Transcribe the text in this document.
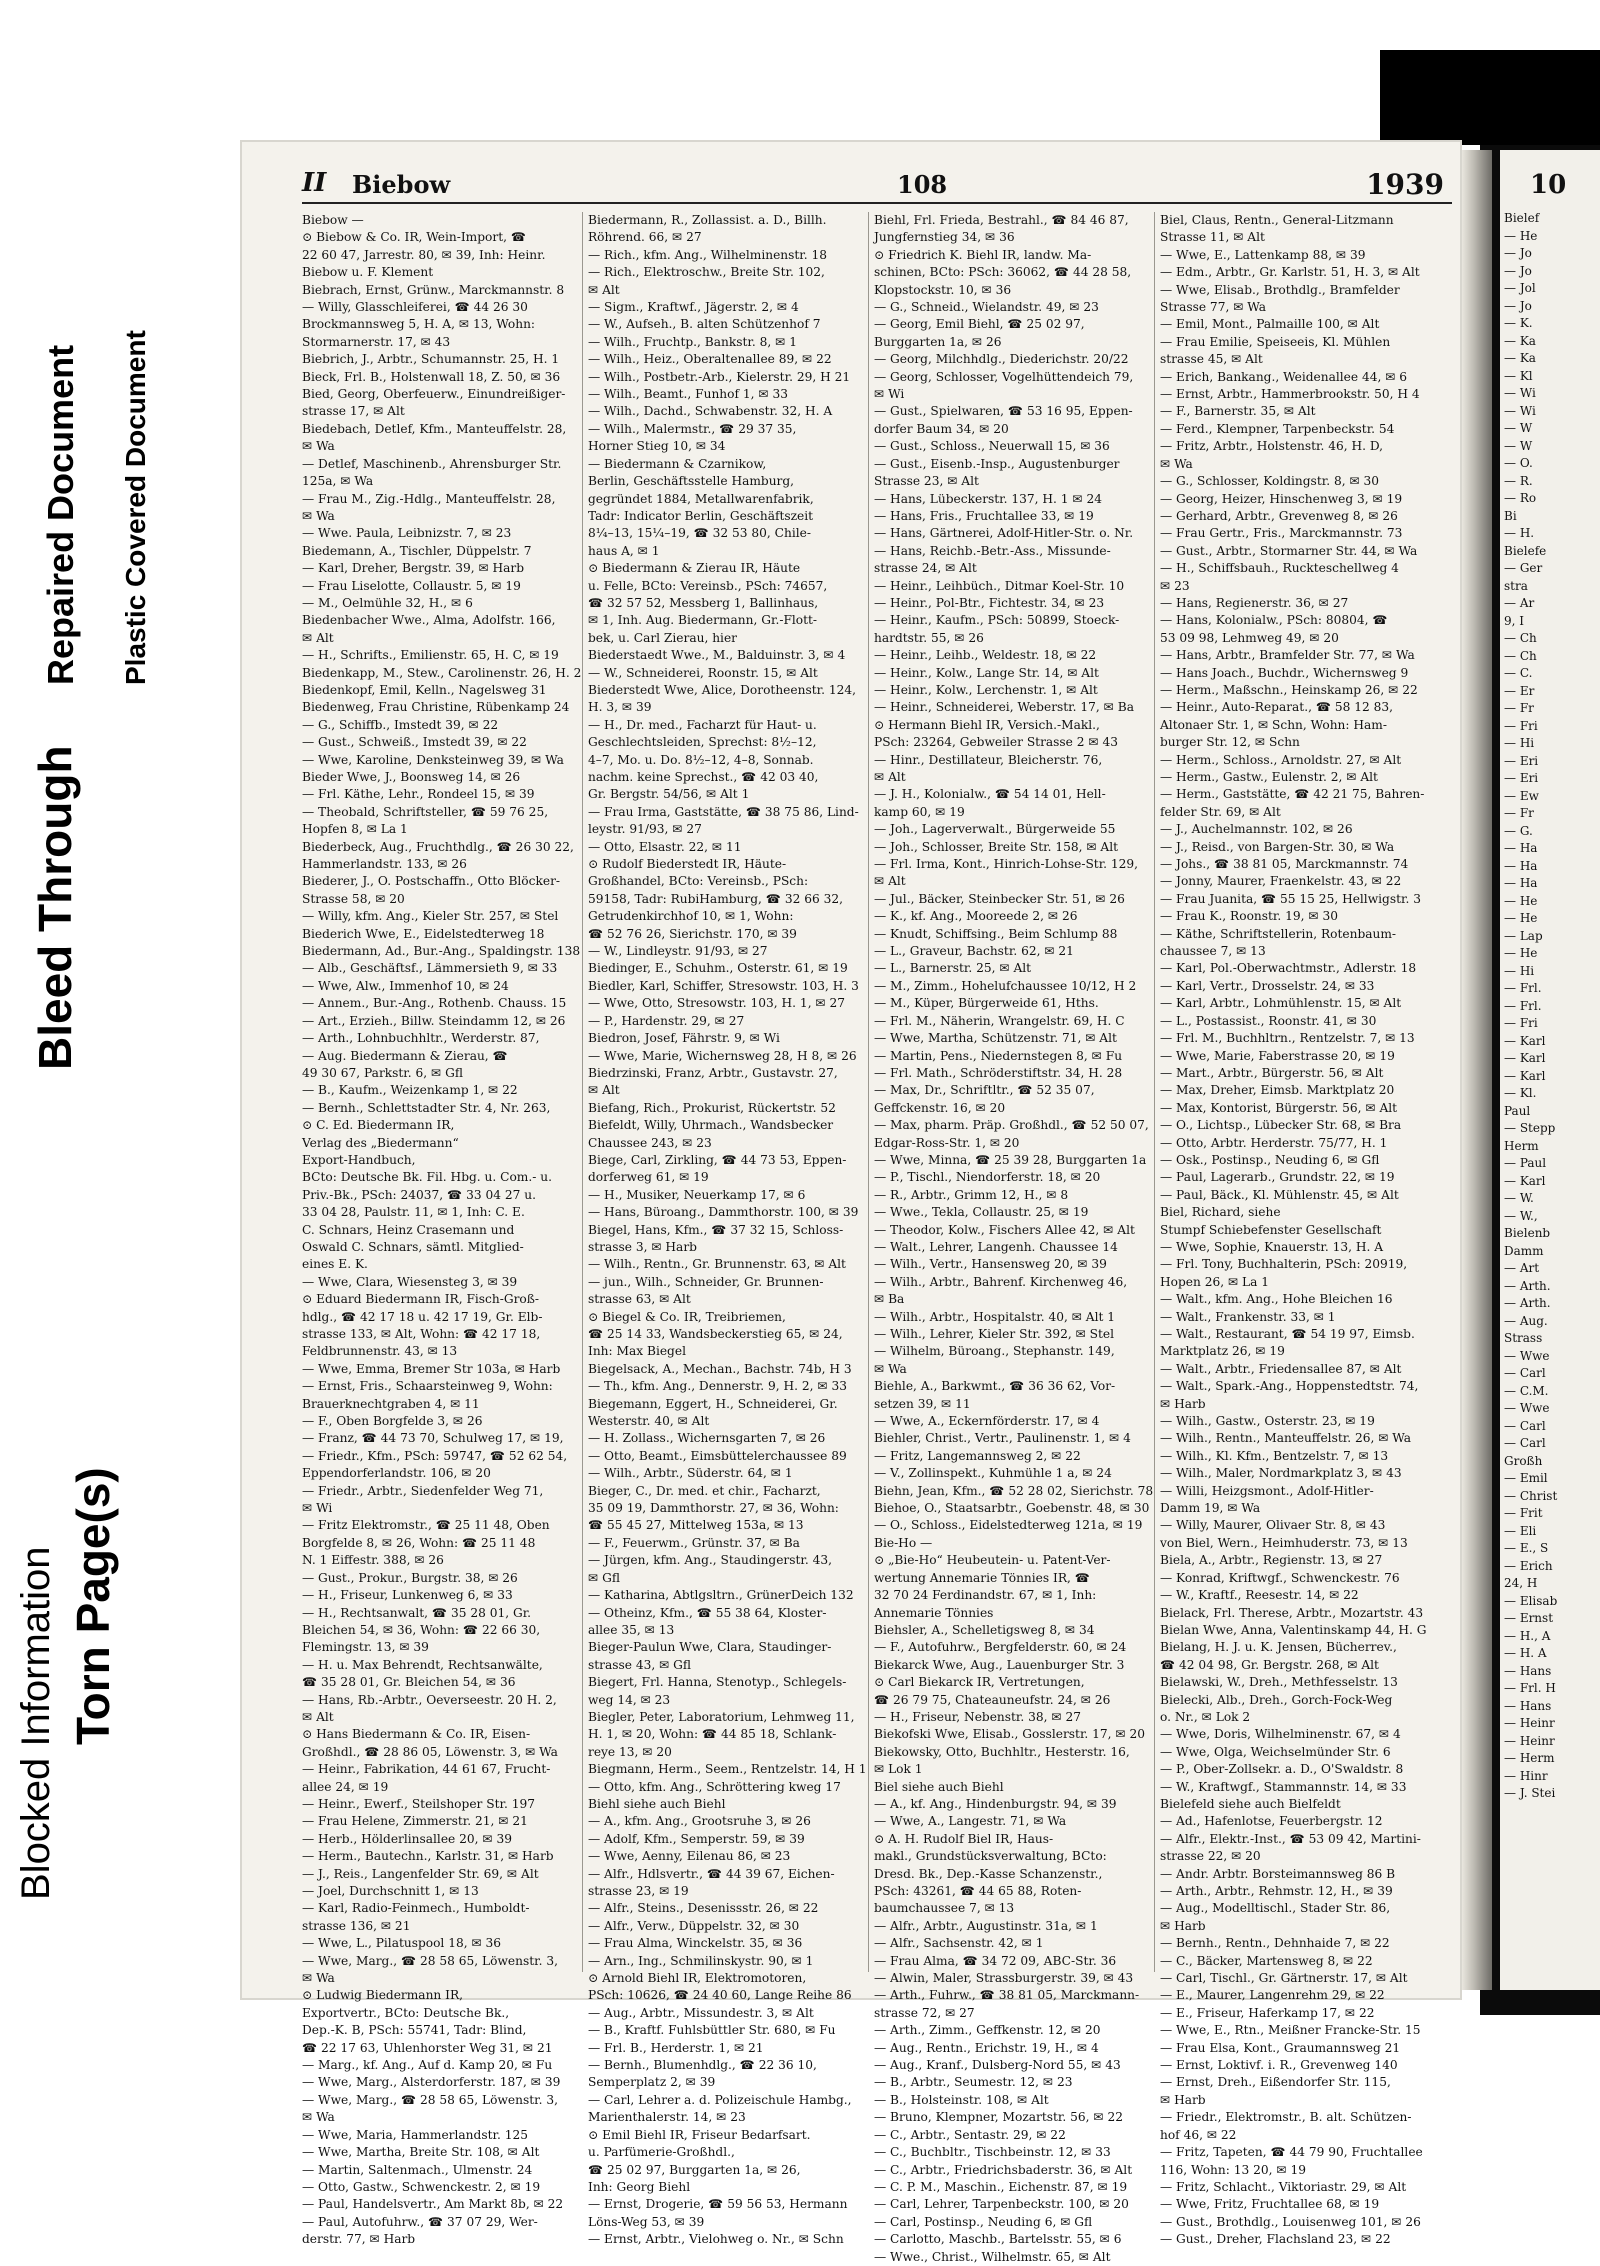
Blocked Information Torn Page(s)
Bleed Through
Repaired Document Plastic Covered Document
II Biebow	108	1939
Biebow —
⊙ Biebow & Co. IR, Wein-Import, ☎
22 60 47, Jarrestr. 80, ✉ 39, Inh: Heinr.
Biebow u. F. Klement
Biebrach, Ernst, Grünw., Marckmannstr. 8
— Willy, Glasschleiferei, ☎ 44 26 30
Brockmannsweg 5, H. A, ✉ 13, Wohn:
Stormarnerstr. 17, ✉ 43
Biebrich, J., Arbtr., Schumannstr. 25, H. 1
Bieck, Frl. B., Holstenwall 18, Z. 50, ✉ 36
Bied, Georg, Oberfeuerw., Einundreißiger-
strasse 17, ✉ Alt
Biedebach, Detlef, Kfm., Manteuffelstr. 28,
✉ Wa
— Detlef, Maschinenb., Ahrensburger Str.
125a, ✉ Wa
— Frau M., Zig.-Hdlg., Manteuffelstr. 28,
✉ Wa
— Wwe. Paula, Leibnizstr. 7, ✉ 23
Biedemann, A., Tischler, Düppelstr. 7
— Karl, Dreher, Bergstr. 39, ✉ Harb
— Frau Liselotte, Collaustr. 5, ✉ 19
— M., Oelmühle 32, H., ✉ 6
Biedenbacher Wwe., Alma, Adolfstr. 166,
✉ Alt
— H., Schrifts., Emilienstr. 65, H. C, ✉ 19
Biedenkapp, M., Stew., Carolinenstr. 26, H. 2
Biedenkopf, Emil, Kelln., Nagelsweg 31
Biedenweg, Frau Christine, Rübenkamp 24
— G., Schiffb., Imstedt 39, ✉ 22
— Gust., Schweiß., Imstedt 39, ✉ 22
— Wwe, Karoline, Denksteinweg 39, ✉ Wa
Bieder Wwe, J., Boonsweg 14, ✉ 26
— Frl. Käthe, Lehr., Rondeel 15, ✉ 39
— Theobald, Schriftsteller, ☎ 59 76 25,
Hopfen 8, ✉ La 1
Biederbeck, Aug., Fruchthdlg., ☎ 26 30 22,
Hammerlandstr. 133, ✉ 26
Biederer, J., O. Postschaffn., Otto Blöcker-
Strasse 58, ✉ 20
— Willy, kfm. Ang., Kieler Str. 257, ✉ Stel
Biederich Wwe, E., Eidelstedterweg 18
Biedermann, Ad., Bur.-Ang., Spaldingstr. 138
— Alb., Geschäftsf., Lämmersieth 9, ✉ 33
— Wwe, Alw., Immenhof 10, ✉ 24
— Annem., Bur.-Ang., Rothenb. Chauss. 15
— Art., Erzieh., Billw. Steindamm 12, ✉ 26
— Arth., Lohnbuchhltr., Werderstr. 87,
— Aug. Biedermann & Zierau, ☎
49 30 67, Parkstr. 6, ✉ Gfl
— B., Kaufm., Weizenkamp 1, ✉ 22
— Bernh., Schlettstadter Str. 4, Nr. 263,
⊙ C. Ed. Biedermann IR,
Verlag des „Biedermann“
Export-Handbuch,
BCto: Deutsche Bk. Fil. Hbg. u. Com.- u.
Priv.-Bk., PSch: 24037, ☎ 33 04 27 u.
33 04 28, Paulstr. 11, ✉ 1, Inh: C. E.
C. Schnars, Heinz Crasemann und
Oswald C. Schnars, sämtl. Mitglied-
eines E. K.
— Wwe, Clara, Wiesensteg 3, ✉ 39
⊙ Eduard Biedermann IR, Fisch-Groß-
hdlg., ☎ 42 17 18 u. 42 17 19, Gr. Elb-
strasse 133, ✉ Alt, Wohn: ☎ 42 17 18,
Feldbrunnenstr. 43, ✉ 13
— Wwe, Emma, Bremer Str 103a, ✉ Harb
— Ernst, Fris., Schaarsteinweg 9, Wohn:
Brauerknechtgraben 4, ✉ 11
— F., Oben Borgfelde 3, ✉ 26
— Franz, ☎ 44 73 70, Schulweg 17, ✉ 19,
— Friedr., Kfm., PSch: 59747, ☎ 52 62 54,
Eppendorferlandstr. 106, ✉ 20
— Friedr., Arbtr., Siedenfelder Weg 71,
✉ Wi
— Fritz Elektromstr., ☎ 25 11 48, Oben
Borgfelde 8, ✉ 26, Wohn: ☎ 25 11 48
N. 1 Eiffestr. 388, ✉ 26
— Gust., Prokur., Burgstr. 38, ✉ 26
— H., Friseur, Lunkenweg 6, ✉ 33
— H., Rechtsanwalt, ☎ 35 28 01, Gr.
Bleichen 54, ✉ 36, Wohn: ☎ 22 66 30,
Flemingstr. 13, ✉ 39
— H. u. Max Behrendt, Rechtsanwälte,
☎ 35 28 01, Gr. Bleichen 54, ✉ 36
— Hans, Rb.-Arbtr., Oeverseestr. 20 H. 2,
✉ Alt
⊙ Hans Biedermann & Co. IR, Eisen-
Großhdl., ☎ 28 86 05, Löwenstr. 3, ✉ Wa
— Heinr., Fabrikation, 44 61 67, Frucht-
allee 24, ✉ 19
— Heinr., Ewerf., Steilshoper Str. 197
— Frau Helene, Zimmerstr. 21, ✉ 21
— Herb., Hölderlinsallee 20, ✉ 39
— Herm., Bautechn., Karlstr. 31, ✉ Harb
— J., Reis., Langenfelder Str. 69, ✉ Alt
— Joel, Durchschnitt 1, ✉ 13
— Karl, Radio-Feinmech., Humboldt-
strasse 136, ✉ 21
— Wwe, L., Pilatuspool 18, ✉ 36
— Wwe, Marg., ☎ 28 58 65, Löwenstr. 3,
✉ Wa
⊙ Ludwig Biedermann IR,
Exportvertr., BCto: Deutsche Bk.,
Dep.-K. B, PSch: 55741, Tadr: Blind,
☎ 22 17 63, Uhlenhorster Weg 31, ✉ 21
— Marg., kf. Ang., Auf d. Kamp 20, ✉ Fu
— Wwe, Marg., Alsterdorferstr. 187, ✉ 39
— Wwe, Marg., ☎ 28 58 65, Löwenstr. 3,
✉ Wa
— Wwe, Maria, Hammerlandstr. 125
— Wwe, Martha, Breite Str. 108, ✉ Alt
— Martin, Saltenmach., Ulmenstr. 24
— Otto, Gastw., Schwenckestr. 2, ✉ 19
— Paul, Handelsvertr., Am Markt 8b, ✉ 22
— Paul, Autofuhrw., ☎ 37 07 29, Wer-
derstr. 77, ✉ Harb
Biedermann, R., Zollassist. a. D., Billh.
Röhrend. 66, ✉ 27
— Rich., kfm. Ang., Wilhelminenstr. 18
— Rich., Elektroschw., Breite Str. 102,
✉ Alt
— Sigm., Kraftwf., Jägerstr. 2, ✉ 4
— W., Aufseh., B. alten Schützenhof 7
— Wilh., Fruchtp., Bankstr. 8, ✉ 1
— Wilh., Heiz., Oberaltenallee 89, ✉ 22
— Wilh., Postbetr.-Arb., Kielerstr. 29, H 21
— Wilh., Beamt., Funhof 1, ✉ 33
— Wilh., Dachd., Schwabenstr. 32, H. A
— Wilh., Malermstr., ☎ 29 37 35,
Horner Stieg 10, ✉ 34
— Biedermann & Czarnikow,
Berlin, Geschäftsstelle Hamburg,
gegründet 1884, Metallwarenfabrik,
Tadr: Indicator Berlin, Geschäftszeit
8¼–13, 15¼–19, ☎ 32 53 80, Chile-
haus A, ✉ 1
⊙ Biedermann & Zierau IR, Häute
u. Felle, BCto: Vereinsb., PSch: 74657,
☎ 32 57 52, Messberg 1, Ballinhaus,
✉ 1, Inh. Aug. Biedermann, Gr.-Flott-
bek, u. Carl Zierau, hier
Biederstaedt Wwe., M., Balduinstr. 3, ✉ 4
— W., Schneiderei, Roonstr. 15, ✉ Alt
Biederstedt Wwe, Alice, Dorotheenstr. 124,
H. 3, ✉ 39
— H., Dr. med., Facharzt für Haut- u.
Geschlechtsleiden, Sprechst: 8½–12,
4–7, Mo. u. Do. 8½–12, 4–8, Sonnab.
nachm. keine Sprechst., ☎ 42 03 40,
Gr. Bergstr. 54/56, ✉ Alt 1
— Frau Irma, Gaststätte, ☎ 38 75 86, Lind-
leystr. 91/93, ✉ 27
— Otto, Elsastr. 22, ✉ 11
⊙ Rudolf Biederstedt IR, Häute-
Großhandel, BCto: Vereinsb., PSch:
59158, Tadr: RubiHamburg, ☎ 32 66 32,
Getrudenkirchhof 10, ✉ 1, Wohn:
☎ 52 76 26, Sierichstr. 170, ✉ 39
— W., Lindleystr. 91/93, ✉ 27
Biedinger, E., Schuhm., Osterstr. 61, ✉ 19
Biedler, Karl, Schiffer, Stresowstr. 103, H. 3
— Wwe, Otto, Stresowstr. 103, H. 1, ✉ 27
— P., Hardenstr. 29, ✉ 27
Biedron, Josef, Fährstr. 9, ✉ Wi
— Wwe, Marie, Wichernsweg 28, H 8, ✉ 26
Biedrzinski, Franz, Arbtr., Gustavstr. 27,
✉ Alt
Biefang, Rich., Prokurist, Rückertstr. 52
Biefeldt, Willy, Uhrmach., Wandsbecker
Chaussee 243, ✉ 23
Biege, Carl, Zirkling, ☎ 44 73 53, Eppen-
dorferweg 61, ✉ 19
— H., Musiker, Neuerkamp 17, ✉ 6
— Hans, Büroang., Dammthorstr. 100, ✉ 39
Biegel, Hans, Kfm., ☎ 37 32 15, Schloss-
strasse 3, ✉ Harb
— Wilh., Rentn., Gr. Brunnenstr. 63, ✉ Alt
— jun., Wilh., Schneider, Gr. Brunnen-
strasse 63, ✉ Alt
⊙ Biegel & Co. IR, Treibriemen,
☎ 25 14 33, Wandsbeckerstieg 65, ✉ 24,
Inh: Max Biegel
Biegelsack, A., Mechan., Bachstr. 74b, H 3
— Th., kfm. Ang., Dennerstr. 9, H. 2, ✉ 33
Biegemann, Eggert, H., Schneiderei, Gr.
Westerstr. 40, ✉ Alt
— H. Zollass., Wichernsgarten 7, ✉ 26
— Otto, Beamt., Eimsbüttelerchaussee 89
— Wilh., Arbtr., Süderstr. 64, ✉ 1
Bieger, C., Dr. med. et chir., Facharzt,
35 09 19, Dammthorstr. 27, ✉ 36, Wohn:
☎ 55 45 27, Mittelweg 153a, ✉ 13
— F., Feuerwm., Grünstr. 37, ✉ Ba
— Jürgen, kfm. Ang., Staudingerstr. 43,
✉ Gfl
— Katharina, Abtlgsltrn., GrünerDeich 132
— Otheinz, Kfm., ☎ 55 38 64, Kloster-
allee 35, ✉ 13
Bieger-Paulun Wwe, Clara, Staudinger-
strasse 43, ✉ Gfl
Biegert, Frl. Hanna, Stenotyp., Schlegels-
weg 14, ✉ 23
Biegler, Peter, Laboratorium, Lehmweg 11,
H. 1, ✉ 20, Wohn: ☎ 44 85 18, Schlank-
reye 13, ✉ 20
Biegmann, Herm., Seem., Rentzelstr. 14, H 1
— Otto, kfm. Ang., Schröttering kweg 17
Biehl siehe auch Biehl
— A., kfm. Ang., Grootsruhe 3, ✉ 26
— Adolf, Kfm., Semperstr. 59, ✉ 39
— Wwe, Aenny, Eilenau 86, ✉ 23
— Alfr., Hdlsvertr., ☎ 44 39 67, Eichen-
strasse 23, ✉ 19
— Alfr., Steins., Desenissstr. 26, ✉ 22
— Alfr., Verw., Düppelstr. 32, ✉ 30
— Frau Alma, Winckelstr. 35, ✉ 36
— Arn., Ing., Schmilinskystr. 90, ✉ 1
⊙ Arnold Biehl IR, Elektromotoren,
PSch: 10626, ☎ 24 40 60, Lange Reihe 86
— Aug., Arbtr., Missundestr. 3, ✉ Alt
— B., Kraftf. Fuhlsbüttler Str. 680, ✉ Fu
— Frl. B., Herderstr. 1, ✉ 21
— Bernh., Blumenhdlg., ☎ 22 36 10,
Semperplatz 2, ✉ 39
— Carl, Lehrer a. d. Polizeischule Hambg.,
Marienthalerstr. 14, ✉ 23
⊙ Emil Biehl IR, Friseur Bedarfsart.
u. Parfümerie-Großhdl.,
☎ 25 02 97, Burggarten 1a, ✉ 26,
Inh: Georg Biehl
— Ernst, Drogerie, ☎ 59 56 53, Hermann
Löns-Weg 53, ✉ 39
— Ernst, Arbtr., Vielohweg o. Nr., ✉ Schn
Biehl, Frl. Frieda, Bestrahl., ☎ 84 46 87,
Jungfernstieg 34, ✉ 36
⊙ Friedrich K. Biehl IR, landw. Ma-
schinen, BCto: PSch: 36062, ☎ 44 28 58,
Klopstockstr. 10, ✉ 36
— G., Schneid., Wielandstr. 49, ✉ 23
— Georg, Emil Biehl, ☎ 25 02 97,
Burggarten 1a, ✉ 26
— Georg, Milchhdlg., Diederichstr. 20/22
— Georg, Schlosser, Vogelhüttendeich 79,
✉ Wi
— Gust., Spielwaren, ☎ 53 16 95, Eppen-
dorfer Baum 34, ✉ 20
— Gust., Schloss., Neuerwall 15, ✉ 36
— Gust., Eisenb.-Insp., Augustenburger
Strasse 23, ✉ Alt
— Hans, Lübeckerstr. 137, H. 1 ✉ 24
— Hans, Fris., Fruchtallee 33, ✉ 19
— Hans, Gärtnerei, Adolf-Hitler-Str. o. Nr.
— Hans, Reichb.-Betr.-Ass., Missunde-
strasse 24, ✉ Alt
— Heinr., Leihbüch., Ditmar Koel-Str. 10
— Heinr., Pol-Btr., Fichtestr. 34, ✉ 23
— Heinr., Kaufm., PSch: 50899, Stoeck-
hardtstr. 55, ✉ 26
— Heinr., Leihb., Weldestr. 18, ✉ 22
— Heinr., Kolw., Lange Str. 14, ✉ Alt
— Heinr., Kolw., Lerchenstr. 1, ✉ Alt
— Heinr., Schneiderei, Weberstr. 17, ✉ Ba
⊙ Hermann Biehl IR, Versich.-Makl.,
PSch: 23264, Gebweiler Strasse 2 ✉ 43
— Hinr., Destillateur, Bleicherstr. 76,
✉ Alt
— J. H., Kolonialw., ☎ 54 14 01, Hell-
kamp 60, ✉ 19
— Joh., Lagerverwalt., Bürgerweide 55
— Joh., Schlosser, Breite Str. 158, ✉ Alt
— Frl. Irma, Kont., Hinrich-Lohse-Str. 129,
✉ Alt
— Jul., Bäcker, Steinbecker Str. 51, ✉ 26
— K., kf. Ang., Mooreede 2, ✉ 26
— Knudt, Schiffsing., Beim Schlump 88
— L., Graveur, Bachstr. 62, ✉ 21
— L., Barnerstr. 25, ✉ Alt
— M., Zimm., Hohelufchaussee 10/12, H 2
— M., Küper, Bürgerweide 61, Hths.
— Frl. M., Näherin, Wrangelstr. 69, H. C
— Wwe, Martha, Schützenstr. 71, ✉ Alt
— Martin, Pens., Niedernstegen 8, ✉ Fu
— Frl. Math., Schröderstiftstr. 34, H. 28
— Max, Dr., Schriftltr., ☎ 52 35 07,
Geffckenstr. 16, ✉ 20
— Max, pharm. Präp. Großhdl., ☎ 52 50 07,
Edgar-Ross-Str. 1, ✉ 20
— Wwe, Minna, ☎ 25 39 28, Burggarten 1a
— P., Tischl., Niendorferstr. 18, ✉ 20
— R., Arbtr., Grimm 12, H., ✉ 8
— Wwe., Tekla, Collaustr. 25, ✉ 19
— Theodor, Kolw., Fischers Allee 42, ✉ Alt
— Walt., Lehrer, Langenh. Chaussee 14
— Wilh., Vertr., Hansensweg 20, ✉ 39
— Wilh., Arbtr., Bahrenf. Kirchenweg 46,
✉ Ba
— Wilh., Arbtr., Hospitalstr. 40, ✉ Alt 1
— Wilh., Lehrer, Kieler Str. 392, ✉ Stel
— Wilhelm, Büroang., Stephanstr. 149,
✉ Wa
Biehle, A., Barkwmt., ☎ 36 36 62, Vor-
setzen 39, ✉ 11
— Wwe, A., Eckernförderstr. 17, ✉ 4
Biehler, Christ., Vertr., Paulinenstr. 1, ✉ 4
— Fritz, Langemannsweg 2, ✉ 22
— V., Zollinspekt., Kuhmühle 1 a, ✉ 24
Biehn, Jean, Kfm., ☎ 52 28 02, Sierichstr. 78
Biehoe, O., Staatsarbtr., Goebenstr. 48, ✉ 30
— O., Schloss., Eidelstedterweg 121a, ✉ 19
Bie-Ho —
⊙ „Bie-Ho“ Heubeutein- u. Patent-Ver-
wertung Annemarie Tönnies IR, ☎
32 70 24 Ferdinandstr. 67, ✉ 1, Inh:
Annemarie Tönnies
Biehsler, A., Schelletigsweg 8, ✉ 34
— F., Autofuhrw., Bergfelderstr. 60, ✉ 24
Biekarck Wwe, Aug., Lauenburger Str. 3
⊙ Carl Biekarck IR, Vertretungen,
☎ 26 79 75, Chateauneufstr. 24, ✉ 26
— H., Friseur, Nebenstr. 38, ✉ 27
Biekofski Wwe, Elisab., Gosslerstr. 17, ✉ 20
Biekowsky, Otto, Buchhltr., Hesterstr. 16,
✉ Lok 1
Biel siehe auch Biehl
— A., kf. Ang., Hindenburgstr. 94, ✉ 39
— Wwe, A., Langestr. 71, ✉ Wa
⊙ A. H. Rudolf Biel IR, Haus-
makl., Grundstücksverwaltung, BCto:
Dresd. Bk., Dep.-Kasse Schanzenstr.,
PSch: 43261, ☎ 44 65 88, Roten-
baumchaussee 7, ✉ 13
— Alfr., Arbtr., Augustinstr. 31a, ✉ 1
— Alfr., Sachsenstr. 42, ✉ 1
— Frau Alma, ☎ 34 72 09, ABC-Str. 36
— Alwin, Maler, Strassburgerstr. 39, ✉ 43
— Arth., Fuhrw., ☎ 38 81 05, Marckmann-
strasse 72, ✉ 27
— Arth., Zimm., Geffkenstr. 12, ✉ 20
— Aug., Rentn., Erichstr. 19, H., ✉ 4
— Aug., Kranf., Dulsberg-Nord 55, ✉ 43
— B., Arbtr., Seumestr. 12, ✉ 23
— B., Holsteinstr. 108, ✉ Alt
— Bruno, Klempner, Mozartstr. 56, ✉ 22
— C., Arbtr., Sentastr. 29, ✉ 22
— C., Buchbltr., Tischbeinstr. 12, ✉ 33
— C., Arbtr., Friedrichsbaderstr. 36, ✉ Alt
— C. P. M., Maschin., Eichenstr. 87, ✉ 19
— Carl, Lehrer, Tarpenbeckstr. 100, ✉ 20
— Carl, Postinsp., Neuding 6, ✉ Gfl
— Carlotto, Maschb., Bartelsstr. 55, ✉ 6
— Wwe., Christ., Wilhelmstr. 65, ✉ Alt
Biel, Claus, Rentn., General-Litzmann
Strasse 11, ✉ Alt
— Wwe, E., Lattenkamp 88, ✉ 39
— Edm., Arbtr., Gr. Karlstr. 51, H. 3, ✉ Alt
— Wwe, Elisab., Brothdlg., Bramfelder
Strasse 77, ✉ Wa
— Emil, Mont., Palmaille 100, ✉ Alt
— Frau Emilie, Speiseeis, Kl. Mühlen
strasse 45, ✉ Alt
— Erich, Bankang., Weidenallee 44, ✉ 6
— Ernst, Arbtr., Hammerbrookstr. 50, H 4
— F., Barnerstr. 35, ✉ Alt
— Ferd., Klempner, Tarpenbeckstr. 54
— Fritz, Arbtr., Holstenstr. 46, H. D,
✉ Wa
— G., Schlosser, Koldingstr. 8, ✉ 30
— Georg, Heizer, Hinschenweg 3, ✉ 19
— Gerhard, Arbtr., Grevenweg 8, ✉ 26
— Frau Gertr., Fris., Marckmannstr. 73
— Gust., Arbtr., Stormarner Str. 44, ✉ Wa
— H., Schiffsbauh., Ruckteschellweg 4
✉ 23
— Hans, Regienerstr. 36, ✉ 27
— Hans, Kolonialw., PSch: 80804, ☎
53 09 98, Lehmweg 49, ✉ 20
— Hans, Arbtr., Bramfelder Str. 77, ✉ Wa
— Hans Joach., Buchdr., Wichernsweg 9
— Herm., Maßschn., Heinskamp 26, ✉ 22
— Heinr., Auto-Reparat., ☎ 58 12 83,
Altonaer Str. 1, ✉ Schn, Wohn: Ham-
burger Str. 12, ✉ Schn
— Herm., Schloss., Arnoldstr. 27, ✉ Alt
— Herm., Gastw., Eulenstr. 2, ✉ Alt
— Herm., Gaststätte, ☎ 42 21 75, Bahren-
felder Str. 69, ✉ Alt
— J., Auchelmannstr. 102, ✉ 26
— J., Reisd., von Bargen-Str. 30, ✉ Wa
— Johs., ☎ 38 81 05, Marckmannstr. 74
— Jonny, Maurer, Fraenkelstr. 43, ✉ 22
— Frau Juanita, ☎ 55 15 25, Hellwigstr. 3
— Frau K., Roonstr. 19, ✉ 30
— Käthe, Schriftstellerin, Rotenbaum-
chaussee 7, ✉ 13
— Karl, Pol.-Oberwachtmstr., Adlerstr. 18
— Karl, Vertr., Drosselstr. 24, ✉ 33
— Karl, Arbtr., Lohmühlenstr. 15, ✉ Alt
— L., Postassist., Roonstr. 41, ✉ 30
— Frl. M., Buchhltrn., Rentzelstr. 7, ✉ 13
— Wwe, Marie, Faberstrasse 20, ✉ 19
— Mart., Arbtr., Bürgerstr. 56, ✉ Alt
— Max, Dreher, Eimsb. Marktplatz 20
— Max, Kontorist, Bürgerstr. 56, ✉ Alt
— O., Lichtsp., Lübecker Str. 68, ✉ Bra
— Otto, Arbtr. Herderstr. 75/77, H. 1
— Osk., Postinsp., Neuding 6, ✉ Gfl
— Paul, Lagerarb., Grundstr. 22, ✉ 19
— Paul, Bäck., Kl. Mühlenstr. 45, ✉ Alt
Biel, Richard, siehe
Stumpf Schiebefenster Gesellschaft
— Wwe, Sophie, Knauerstr. 13, H. A
— Frl. Tony, Buchhalterin, PSch: 20919,
Hopen 26, ✉ La 1
— Walt., kfm. Ang., Hohe Bleichen 16
— Walt., Frankenstr. 33, ✉ 1
— Walt., Restaurant, ☎ 54 19 97, Eimsb.
Marktplatz 26, ✉ 19
— Walt., Arbtr., Friedensallee 87, ✉ Alt
— Walt., Spark.-Ang., Hoppenstedtstr. 74,
✉ Harb
— Wilh., Gastw., Osterstr. 23, ✉ 19
— Wilh., Rentn., Manteuffelstr. 26, ✉ Wa
— Wilh., Kl. Kfm., Bentzelstr. 7, ✉ 13
— Wilh., Maler, Nordmarkplatz 3, ✉ 43
— Willi, Heizgsmont., Adolf-Hitler-
Damm 19, ✉ Wa
— Willy, Maurer, Olivaer Str. 8, ✉ 43
von Biel, Wern., Heimhuderstr. 73, ✉ 13
Biela, A., Arbtr., Regienstr. 13, ✉ 27
— Konrad, Kriftwgf., Schwenckestr. 76
— W., Kraftf., Reesestr. 14, ✉ 22
Bielack, Frl. Therese, Arbtr., Mozartstr. 43
Bielan Wwe, Anna, Valentinskamp 44, H. G
Bielang, H. J. u. K. Jensen, Bücherrev.,
☎ 42 04 98, Gr. Bergstr. 268, ✉ Alt
Bielawski, W., Dreh., Methfesselstr. 13
Bielecki, Alb., Dreh., Gorch-Fock-Weg
o. Nr., ✉ Lok 2
— Wwe, Doris, Wilhelminenstr. 67, ✉ 4
— Wwe, Olga, Weichselmünder Str. 6
— P., Ober-Zollsekr. a. D., O'Swaldstr. 8
— W., Kraftwgf., Stammannstr. 14, ✉ 33
Bielefeld siehe auch Bielfeldt
— Ad., Hafenlotse, Feuerbergstr. 12
— Alfr., Elektr.-Inst., ☎ 53 09 42, Martini-
strasse 22, ✉ 20
— Andr. Arbtr. Borsteimannsweg 86 B
— Arth., Arbtr., Rehmstr. 12, H., ✉ 39
— Aug., Modelltischl., Stader Str. 86,
✉ Harb
— Bernh., Rentn., Dehnhaide 7, ✉ 22
— C., Bäcker, Martensweg 8, ✉ 22
— Carl, Tischl., Gr. Gärtnerstr. 17, ✉ Alt
— E., Maurer, Langenrehm 29, ✉ 22
— E., Friseur, Haferkamp 17, ✉ 22
— Wwe, E., Rtn., Meißner Francke-Str. 15
— Frau Elsa, Kont., Graumannsweg 21
— Ernst, Loktivf. i. R., Grevenweg 140
— Ernst, Dreh., Eißendorfer Str. 115,
✉ Harb
— Friedr., Elektromstr., B. alt. Schützen-
hof 46, ✉ 22
— Fritz, Tapeten, ☎ 44 79 90, Fruchtallee
116, Wohn: 13 20, ✉ 19
— Fritz, Schlacht., Viktoriastr. 29, ✉ Alt
— Wwe, Fritz, Fruchtallee 68, ✉ 19
— Gust., Brothdlg., Louisenweg 101, ✉ 26
— Gust., Dreher, Flachsland 23, ✉ 22
10
Bielef
— He
— Jo
— Jo
— Jol
— Jo
— K.
— Ka
— Ka
— Kl
— Wi
— Wi
— W
— W
— O.
— R.
— Ro
Bi
— H.
Bielefe
— Ger
stra
— Ar
9, I
— Ch
— Ch
— C.
— Er
— Fr
— Fri
— Hi
— Eri
— Eri
— Ew
— Fr
— G.
— Ha
— Ha
— Ha
— He
— He
— Lap
— He
— Hi
— Frl.
— Frl.
— Fri
— Karl
— Karl
— Karl
— Kl.
Paul
— Stepp
Herm
— Paul
— Karl
— W.
— W.,
Bielenb
Damm
— Art
— Arth.
— Arth.
— Aug.
Strass
— Wwe
— Carl
— C.M.
— Wwe
— Carl
— Carl
Großh
— Emil
— Christ
— Frit
— Eli
— E., S
— Erich
24, H
— Elisab
— Ernst
— H., A
— H. A
— Hans
— Frl. H
— Hans
— Heinr
— Heinr
— Herm
— Hinr
— J. Stei
